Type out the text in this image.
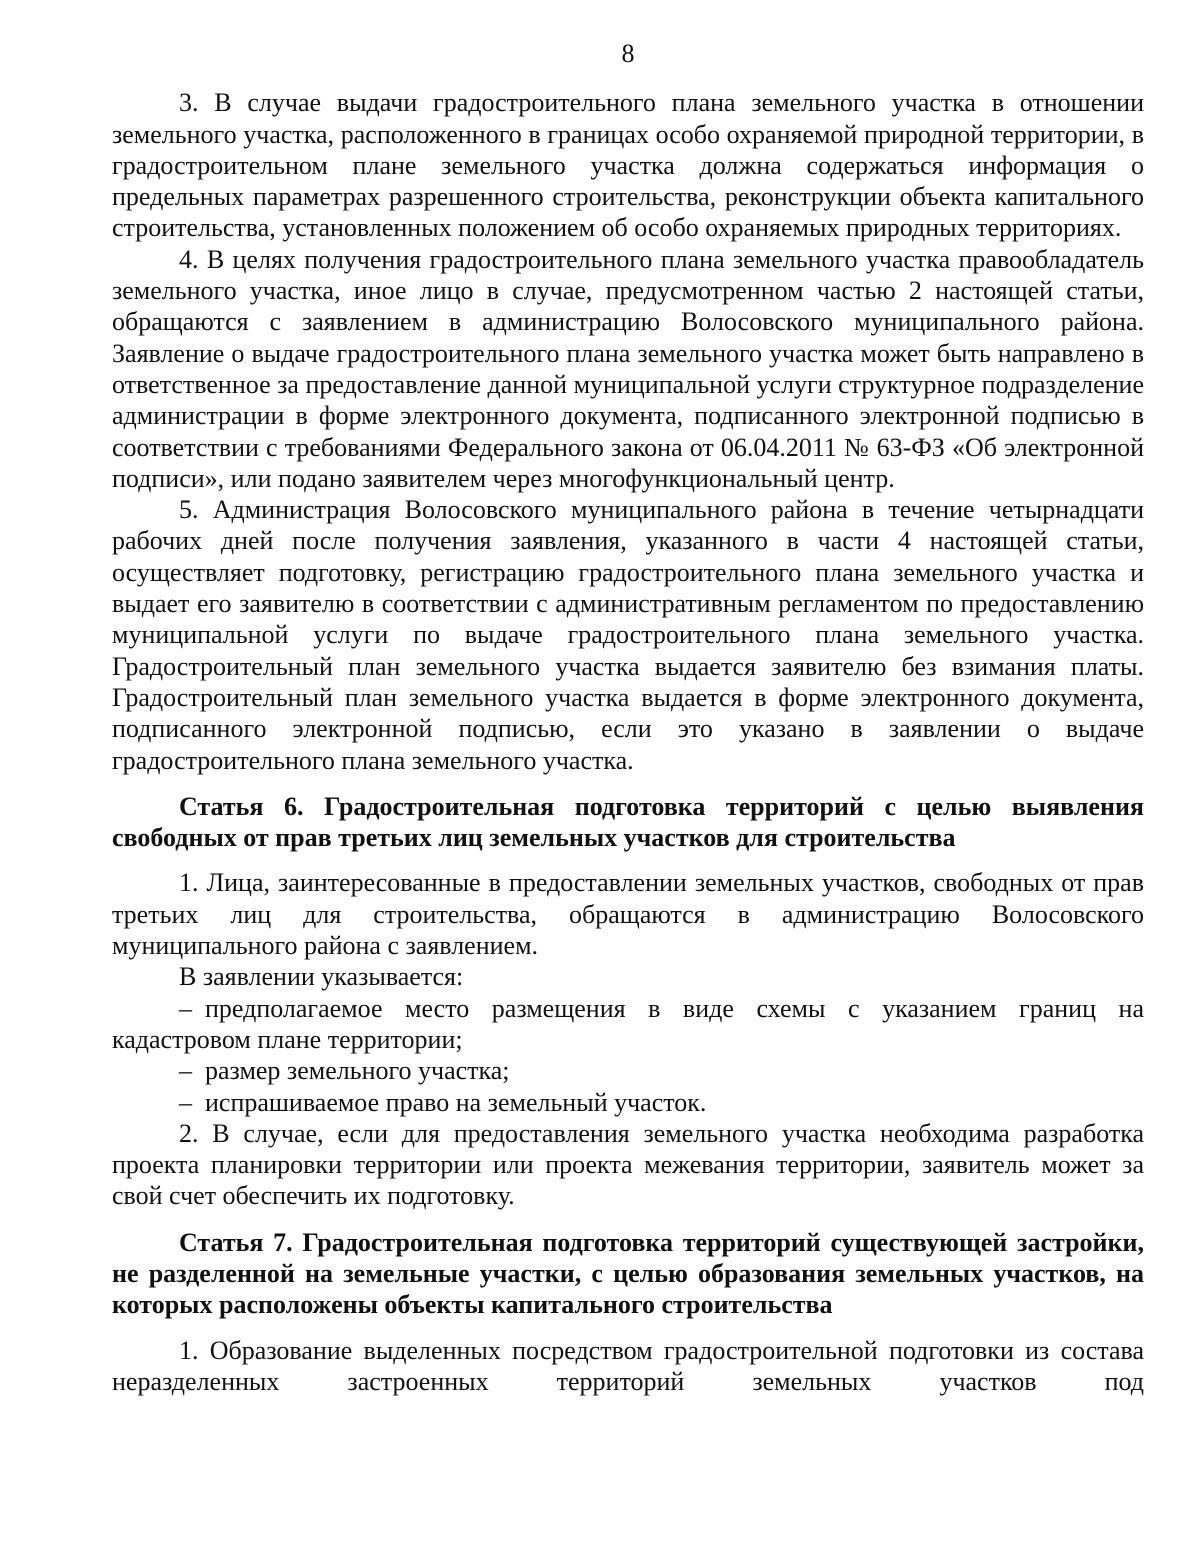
8

3. В случае выдачи градостроительного плана земельного участка в отношении земельного участка, расположенного в границах особо охраняемой природной территории, в градостроительном плане земельного участка должна содержаться информация о предельных параметрах разрешенного строительства, реконструкции объекта капитального строительства, установленных положением об особо охраняемых природных территориях.

4. В целях получения градостроительного плана земельного участка правообладатель земельного участка, иное лицо в случае, предусмотренном частью 2 настоящей статьи, обращаются с заявлением в администрацию Волосовского муниципального района. Заявление о выдаче градостроительного плана земельного участка может быть направлено в ответственное за предоставление данной муниципальной услуги структурное подразделение администрации в форме электронного документа, подписанного электронной подписью в соответствии с требованиями Федерального закона от 06.04.2011 № 63-ФЗ «Об электронной подписи», или подано заявителем через многофункциональный центр.

5. Администрация Волосовского муниципального района в течение четырнадцати рабочих дней после получения заявления, указанного в части 4 настоящей статьи, осуществляет подготовку, регистрацию градостроительного плана земельного участка и выдает его заявителю в соответствии с административным регламентом по предоставлению муниципальной услуги по выдаче градостроительного плана земельного участка. Градостроительный план земельного участка выдается заявителю без взимания платы. Градостроительный план земельного участка выдается в форме электронного документа, подписанного электронной подписью, если это указано в заявлении о выдаче градостроительного плана земельного участка.

Статья 6. Градостроительная подготовка территорий с целью выявления свободных от прав третьих лиц земельных участков для строительства

1. Лица, заинтересованные в предоставлении земельных участков, свободных от прав третьих лиц для строительства, обращаются в администрацию Волосовского муниципального района с заявлением.

В заявлении указывается:

– предполагаемое место размещения в виде схемы с указанием границ на кадастровом плане территории;

– размер земельного участка;

– испрашиваемое право на земельный участок.

2. В случае, если для предоставления земельного участка необходима разработка проекта планировки территории или проекта межевания территории, заявитель может за свой счет обеспечить их подготовку.

Статья 7. Градостроительная подготовка территорий существующей застройки, не разделенной на земельные участки, с целью образования земельных участков, на которых расположены объекты капитального строительства

1. Образование выделенных посредством градостроительной подготовки из состава неразделенных застроенных территорий земельных участков под
